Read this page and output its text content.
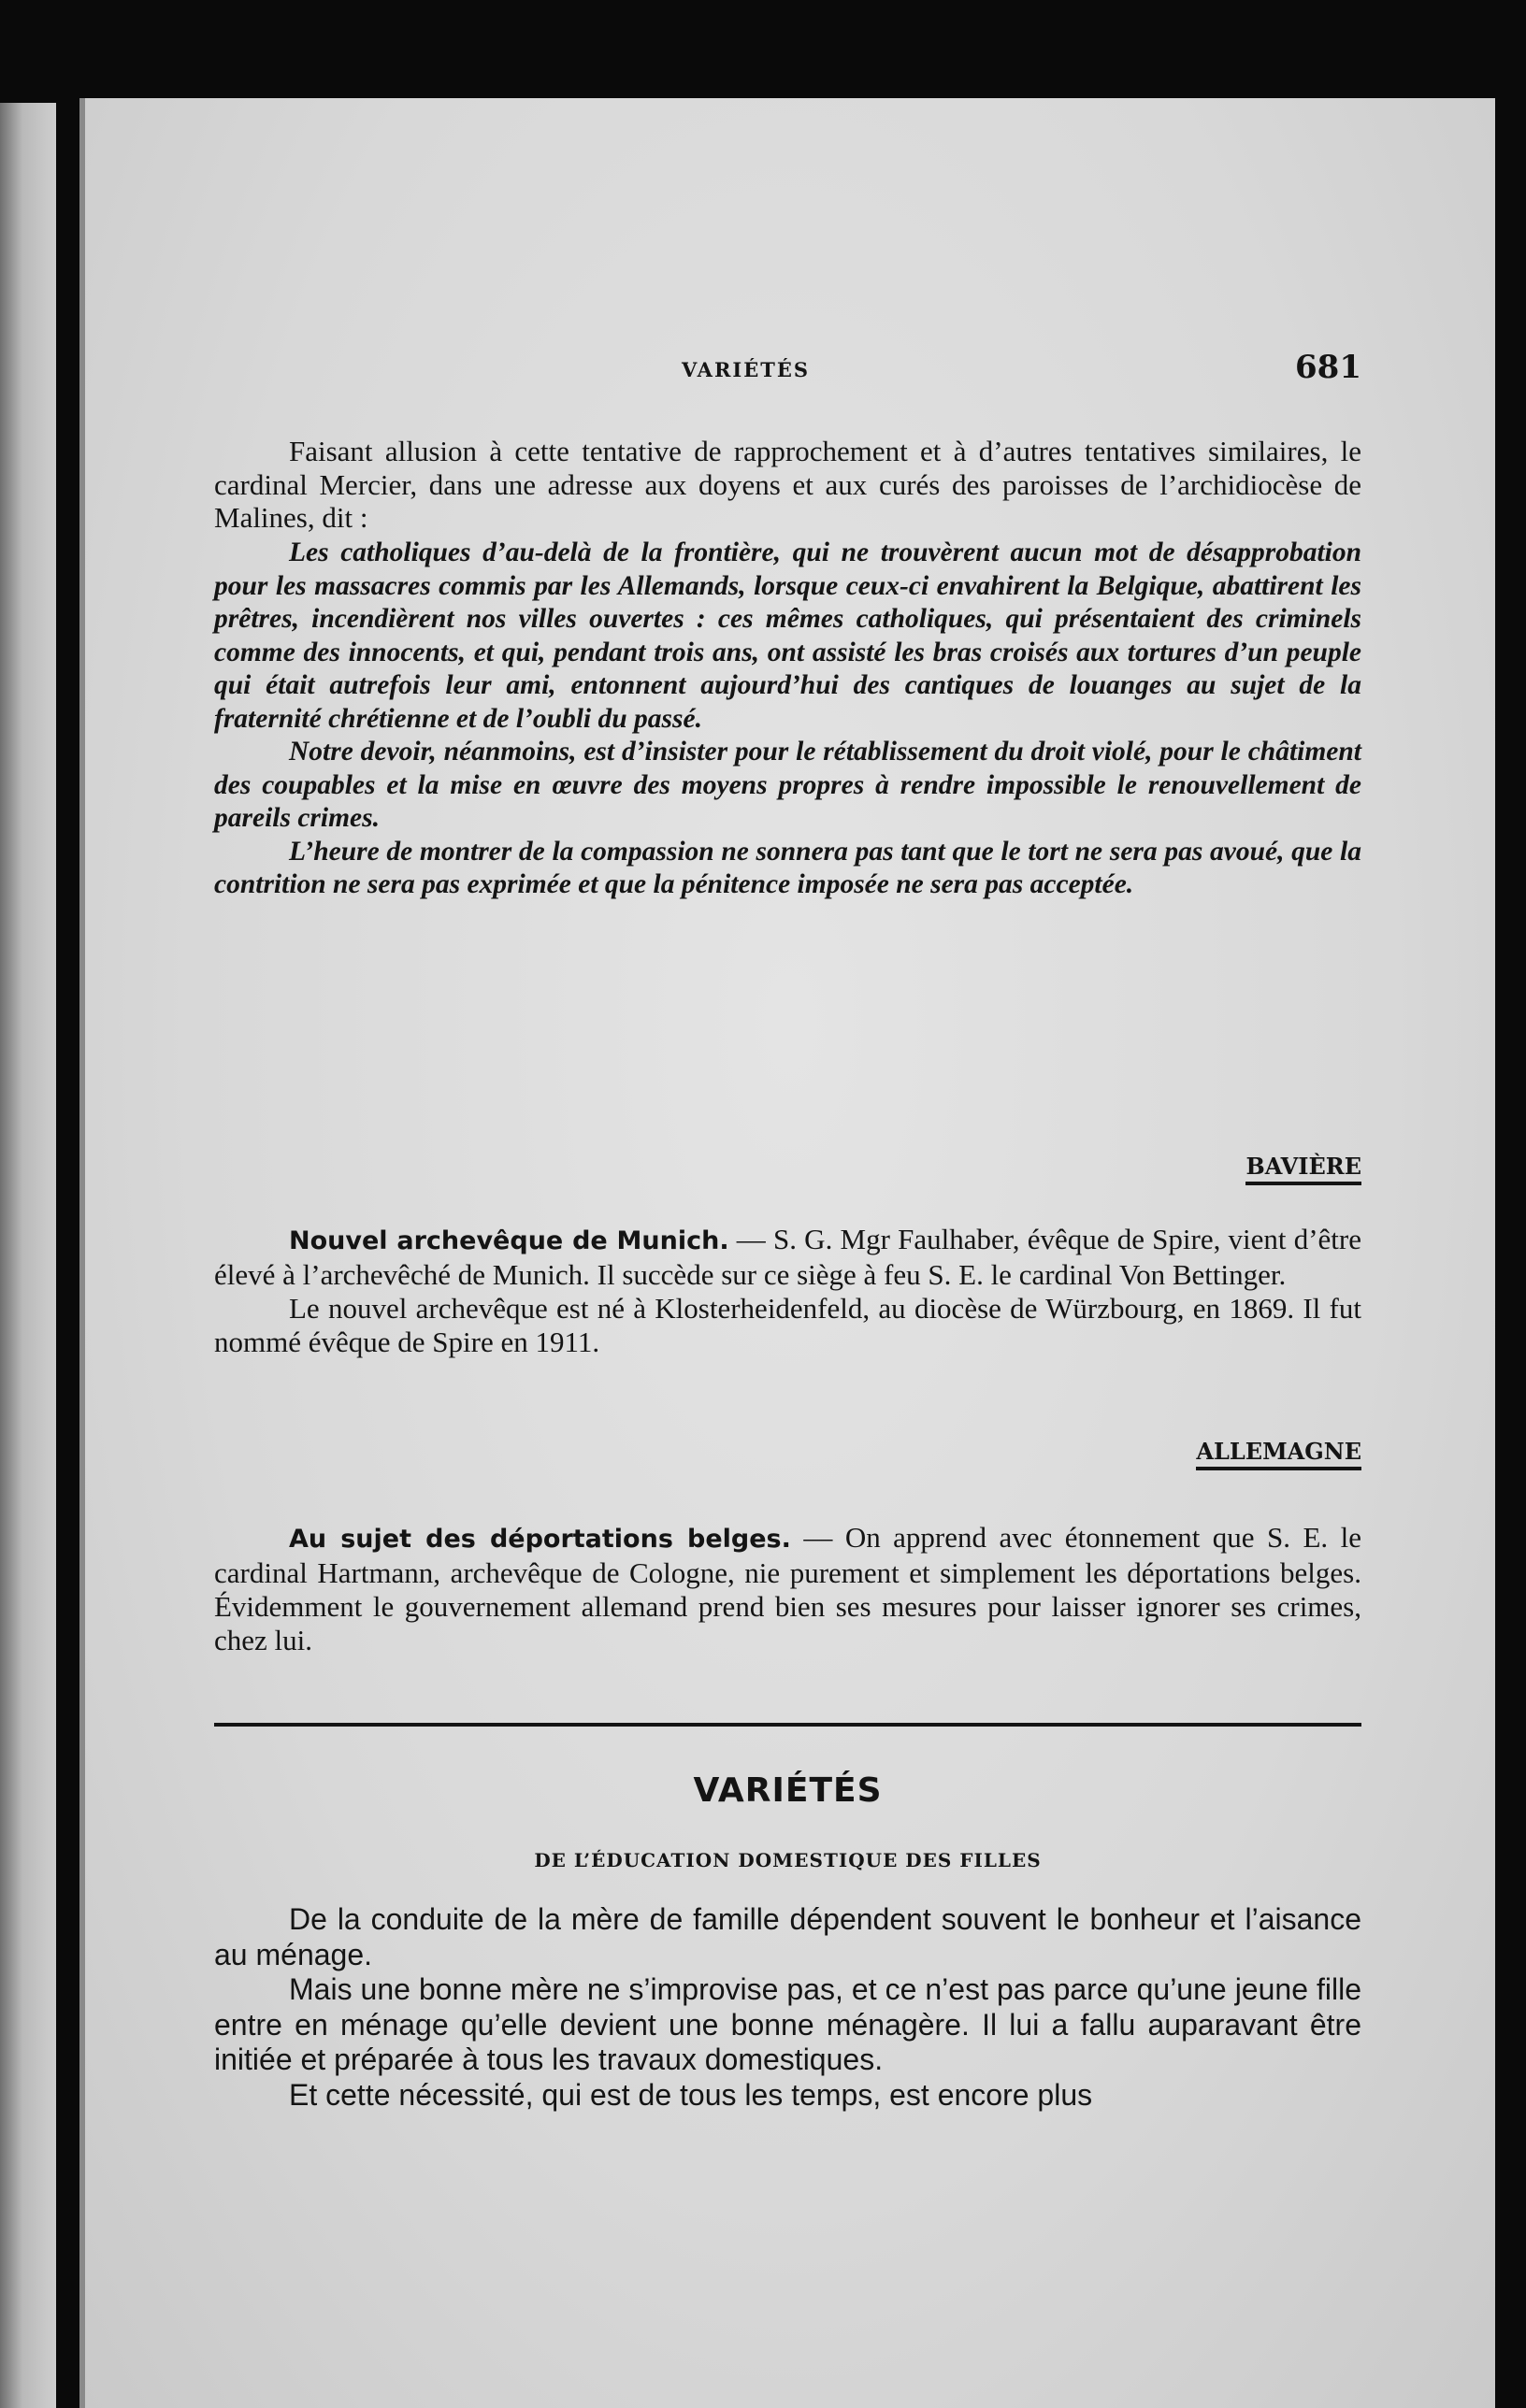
VARIÉTÉS	681

Faisant allusion à cette tentative de rapprochement et à d’autres tentatives similaires, le cardinal Mercier, dans une adresse aux doyens et aux curés des paroisses de l’archidiocèse de Malines, dit :

Les catholiques d’au-delà de la frontière, qui ne trouvèrent aucun mot de désapprobation pour les massacres commis par les Allemands, lorsque ceux-ci envahirent la Belgique, abattirent les prêtres, incendièrent nos villes ouvertes : ces mêmes catholiques, qui présentaient des criminels comme des innocents, et qui, pendant trois ans, ont assisté les bras croisés aux tortures d’un peuple qui était autrefois leur ami, entonnent aujourd’hui des cantiques de louanges au sujet de la fraternité chrétienne et de l’oubli du passé.

Notre devoir, néanmoins, est d’insister pour le rétablissement du droit violé, pour le châtiment des coupables et la mise en œuvre des moyens propres à rendre impossible le renouvellement de pareils crimes.

L’heure de montrer de la compassion ne sonnera pas tant que le tort ne sera pas avoué, que la contrition ne sera pas exprimée et que la pénitence imposée ne sera pas acceptée.

BAVIÈRE

Nouvel archevêque de Munich. — S. G. Mgr Faulhaber, évêque de Spire, vient d’être élevé à l’archevêché de Munich. Il succède sur ce siège à feu S. E. le cardinal Von Bettinger.

Le nouvel archevêque est né à Klosterheidenfeld, au diocèse de Würzbourg, en 1869. Il fut nommé évêque de Spire en 1911.

ALLEMAGNE

Au sujet des déportations belges. — On apprend avec étonnement que S. E. le cardinal Hartmann, archevêque de Cologne, nie purement et simplement les déportations belges. Évidemment le gouvernement allemand prend bien ses mesures pour laisser ignorer ses crimes, chez lui.

VARIÉTÉS
DE L’ÉDUCATION DOMESTIQUE DES FILLES

De la conduite de la mère de famille dépendent souvent le bonheur et l’aisance au ménage.

Mais une bonne mère ne s’improvise pas, et ce n’est pas parce qu’une jeune fille entre en ménage qu’elle devient une bonne ménagère. Il lui a fallu auparavant être initiée et préparée à tous les travaux domestiques.

Et cette nécessité, qui est de tous les temps, est encore plus
